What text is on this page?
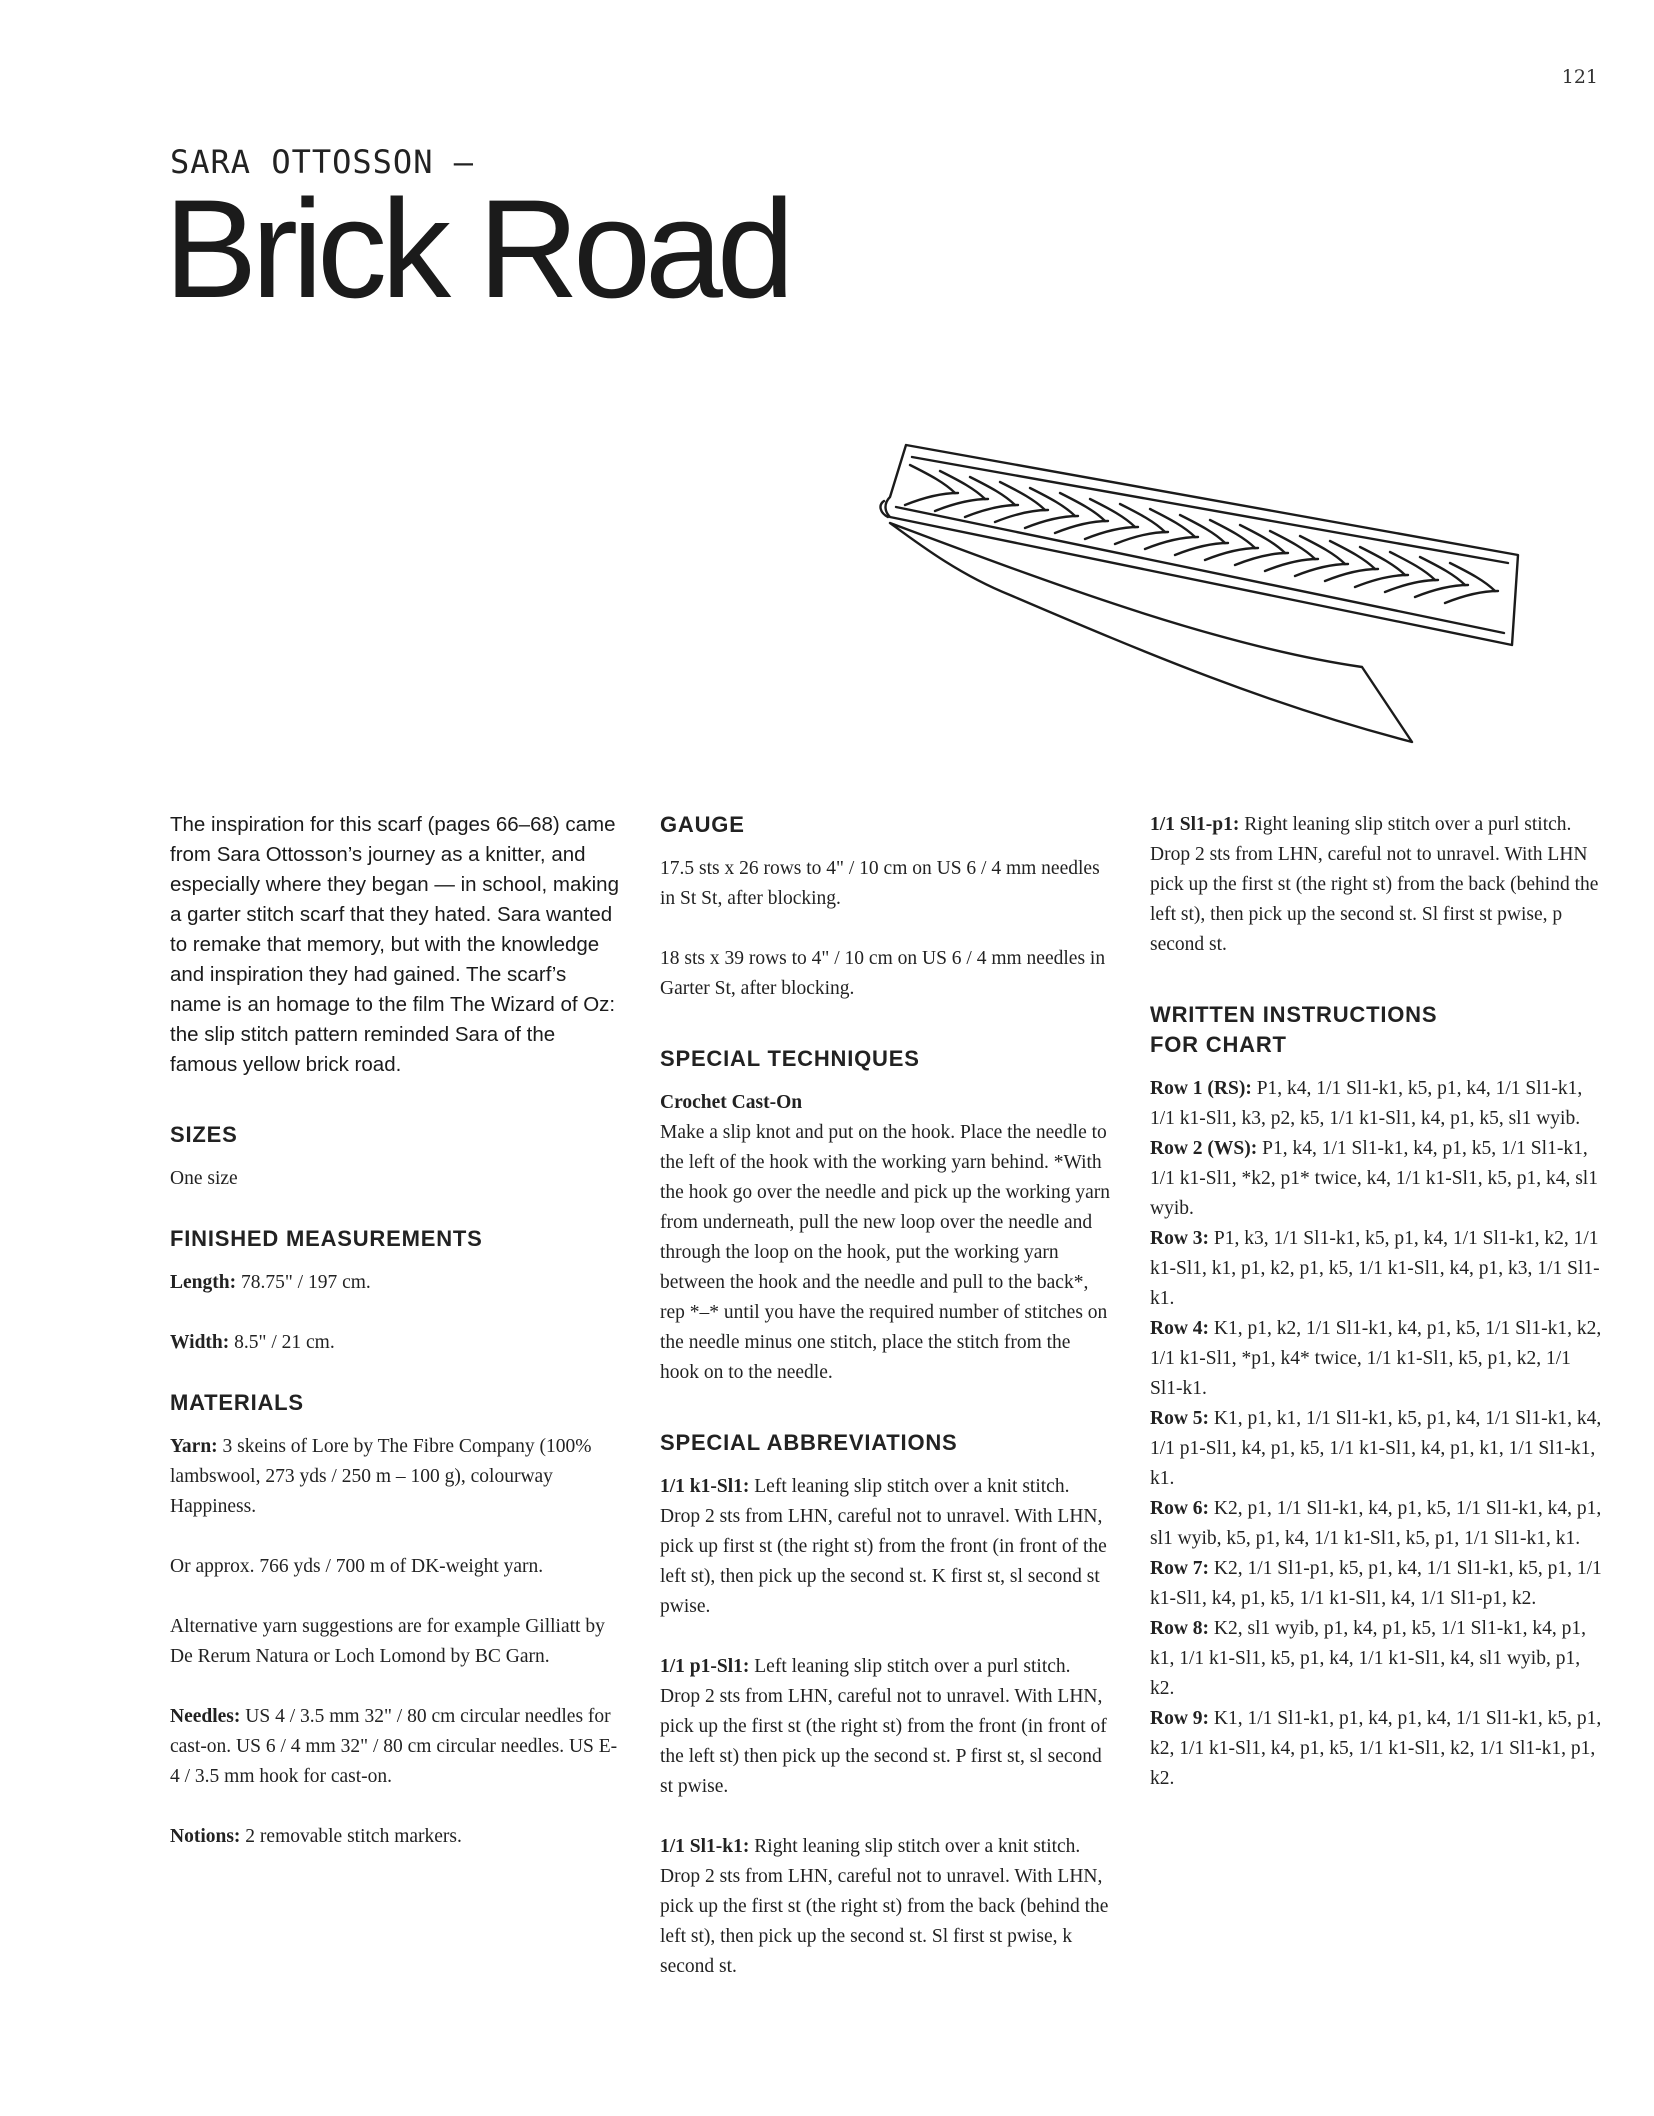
121
SARA OTTOSSON –
Brick Road

The inspiration for this scarf (pages 66–68) came from Sara Ottosson’s journey as a knitter, and especially where they began — in school, making a garter stitch scarf that they hated. Sara wanted to remake that memory, but with the knowledge and inspiration they had gained. The scarf’s name is an homage to the film The Wizard of Oz: the slip stitch pattern reminded Sara of the famous yellow brick road.

SIZES

One size

FINISHED MEASUREMENTS

Length: 78.75" / 197 cm.

Width: 8.5" / 21 cm.

MATERIALS

Yarn: 3 skeins of Lore by The Fibre Company (100% lambswool, 273 yds / 250 m – 100 g), colourway Happiness.

Or approx. 766 yds / 700 m of DK-weight yarn.

Alternative yarn suggestions are for example Gilliatt by De Rerum Natura or Loch Lomond by BC Garn.

Needles: US 4 / 3.5 mm 32" / 80 cm circular needles for cast-on. US 6 / 4 mm 32" / 80 cm circular needles. US E-4 / 3.5 mm hook for cast-on.

Notions: 2 removable stitch markers.

GAUGE

17.5 sts x 26 rows to 4" / 10 cm on US 6 / 4 mm needles in St St, after blocking.

18 sts x 39 rows to 4" / 10 cm on US 6 / 4 mm needles in Garter St, after blocking.

SPECIAL TECHNIQUES

Crochet Cast-On

Make a slip knot and put on the hook. Place the needle to the left of the hook with the working yarn behind. *With the hook go over the needle and pick up the working yarn from underneath, pull the new loop over the needle and through the loop on the hook, put the working yarn between the hook and the needle and pull to the back*, rep *–* until you have the required number of stitches on the needle minus one stitch, place the stitch from the hook on to the needle.

SPECIAL ABBREVIATIONS

1/1 k1-Sl1: Left leaning slip stitch over a knit stitch. Drop 2 sts from LHN, careful not to unravel. With LHN, pick up first st (the right st) from the front (in front of the left st), then pick up the second st. K first st, sl second st pwise.

1/1 p1-Sl1: Left leaning slip stitch over a purl stitch. Drop 2 sts from LHN, careful not to unravel. With LHN, pick up the first st (the right st) from the front (in front of the left st) then pick up the second st. P first st, sl second st pwise.

1/1 Sl1-k1: Right leaning slip stitch over a knit stitch. Drop 2 sts from LHN, careful not to unravel. With LHN, pick up the first st (the right st) from the back (behind the left st), then pick up the second st. Sl first st pwise, k second st.

1/1 Sl1-p1: Right leaning slip stitch over a purl stitch. Drop 2 sts from LHN, careful not to unravel. With LHN pick up the first st (the right st) from the back (behind the left st), then pick up the second st. Sl first st pwise, p second st.

WRITTEN INSTRUCTIONS
FOR CHART

Row 1 (RS): P1, k4, 1/1 Sl1-k1, k5, p1, k4, 1/1 Sl1-k1, 1/1 k1-Sl1, k3, p2, k5, 1/1 k1-Sl1, k4, p1, k5, sl1 wyib.

Row 2 (WS): P1, k4, 1/1 Sl1-k1, k4, p1, k5, 1/1 Sl1-k1, 1/1 k1-Sl1, *k2, p1* twice, k4, 1/1 k1-Sl1, k5, p1, k4, sl1 wyib.

Row 3: P1, k3, 1/1 Sl1-k1, k5, p1, k4, 1/1 Sl1-k1, k2, 1/1 k1-Sl1, k1, p1, k2, p1, k5, 1/1 k1-Sl1, k4, p1, k3, 1/1 Sl1-k1.

Row 4: K1, p1, k2, 1/1 Sl1-k1, k4, p1, k5, 1/1 Sl1-k1, k2, 1/1 k1-Sl1, *p1, k4* twice, 1/1 k1-Sl1, k5, p1, k2, 1/1 Sl1-k1.

Row 5: K1, p1, k1, 1/1 Sl1-k1, k5, p1, k4, 1/1 Sl1-k1, k4, 1/1 p1-Sl1, k4, p1, k5, 1/1 k1-Sl1, k4, p1, k1, 1/1 Sl1-k1, k1.

Row 6: K2, p1, 1/1 Sl1-k1, k4, p1, k5, 1/1 Sl1-k1, k4, p1, sl1 wyib, k5, p1, k4, 1/1 k1-Sl1, k5, p1, 1/1 Sl1-k1, k1.

Row 7: K2, 1/1 Sl1-p1, k5, p1, k4, 1/1 Sl1-k1, k5, p1, 1/1 k1-Sl1, k4, p1, k5, 1/1 k1-Sl1, k4, 1/1 Sl1-p1, k2.

Row 8: K2, sl1 wyib, p1, k4, p1, k5, 1/1 Sl1-k1, k4, p1, k1, 1/1 k1-Sl1, k5, p1, k4, 1/1 k1-Sl1, k4, sl1 wyib, p1, k2.

Row 9: K1, 1/1 Sl1-k1, p1, k4, p1, k4, 1/1 Sl1-k1, k5, p1, k2, 1/1 k1-Sl1, k4, p1, k5, 1/1 k1-Sl1, k2, 1/1 Sl1-k1, p1, k2.
